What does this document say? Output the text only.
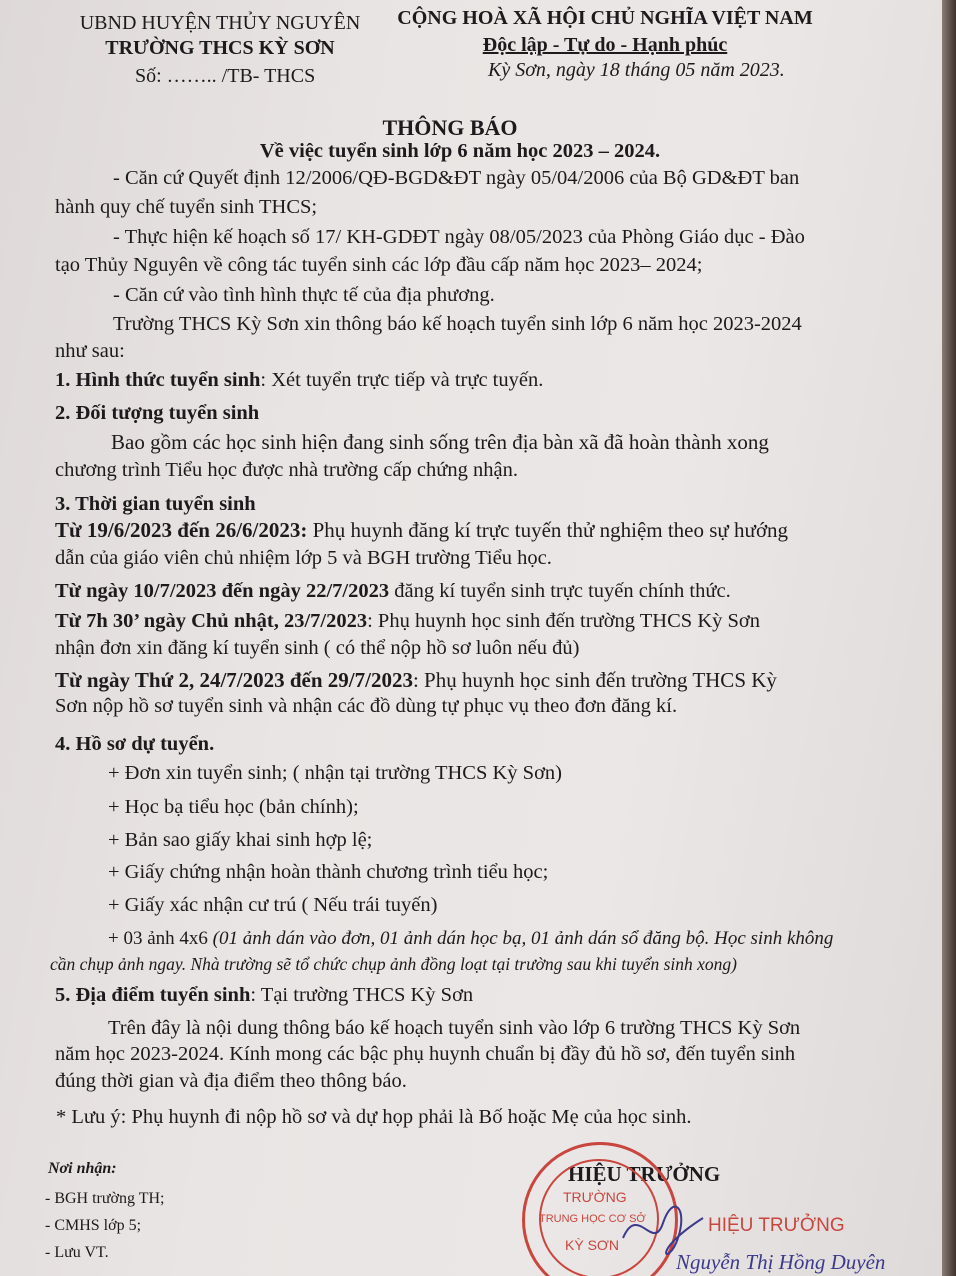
UBND HUYỆN THỦY NGUYÊN
TRƯỜNG THCS KỲ SƠN
Số: …….. /TB- THCS
CỘNG HOÀ XÃ HỘI CHỦ NGHĨA VIỆT NAM
Độc lập - Tự do - Hạnh phúc
Kỳ Sơn, ngày 18 tháng 05 năm 2023.
THÔNG BÁO
Về việc tuyển sinh lớp 6 năm học 2023 – 2024.
- Căn cứ Quyết định 12/2006/QĐ-BGD&ĐT ngày 05/04/2006 của Bộ GD&ĐT ban
hành quy chế tuyển sinh THCS;
- Thực hiện kế hoạch số 17/ KH-GDĐT ngày 08/05/2023 của Phòng Giáo dục - Đào
tạo Thủy Nguyên về công tác tuyển sinh các lớp đầu cấp năm học 2023– 2024;
- Căn cứ vào tình hình thực tế của địa phương.
Trường THCS Kỳ Sơn xin thông báo kế hoạch tuyển sinh lớp 6 năm học 2023-2024
như sau:
1. Hình thức tuyển sinh: Xét tuyển trực tiếp và trực tuyến.
2. Đối tượng tuyển sinh
Bao gồm các học sinh hiện đang sinh sống trên địa bàn xã đã hoàn thành xong
chương trình Tiểu học được nhà trường cấp chứng nhận.
3. Thời gian tuyển sinh
Từ 19/6/2023 đến 26/6/2023: Phụ huynh đăng kí trực tuyến thử nghiệm theo sự hướng
dẫn của giáo viên chủ nhiệm lớp 5 và BGH trường Tiểu học.
Từ ngày 10/7/2023 đến ngày 22/7/2023 đăng kí tuyển sinh trực tuyến chính thức.
Từ 7h 30’ ngày Chủ nhật, 23/7/2023: Phụ huynh học sinh đến trường THCS Kỳ Sơn
nhận đơn xin đăng kí tuyển sinh ( có thể nộp hồ sơ luôn nếu đủ)
Từ ngày Thứ 2, 24/7/2023 đến 29/7/2023: Phụ huynh học sinh đến trường THCS Kỳ
Sơn nộp hồ sơ tuyển sinh và nhận các đồ dùng tự phục vụ theo đơn đăng kí.
4. Hồ sơ dự tuyển.
+ Đơn xin tuyển sinh; ( nhận tại trường THCS Kỳ Sơn)
+ Học bạ tiểu học (bản chính);
+ Bản sao giấy khai sinh hợp lệ;
+ Giấy chứng nhận hoàn thành chương trình tiểu học;
+ Giấy xác nhận cư trú ( Nếu trái tuyến)
+ 03 ảnh 4x6 (01 ảnh dán vào đơn, 01 ảnh dán học bạ, 01 ảnh dán sổ đăng bộ. Học sinh không
cần chụp ảnh ngay. Nhà trường sẽ tổ chức chụp ảnh đồng loạt tại trường sau khi tuyển sinh xong)
5. Địa điểm tuyển sinh: Tại trường THCS Kỳ Sơn
Trên đây là nội dung thông báo kế hoạch tuyển sinh vào lớp 6 trường THCS Kỳ Sơn
năm học 2023-2024. Kính mong các bậc phụ huynh chuẩn bị đầy đủ hồ sơ, đến tuyển sinh
đúng thời gian và địa điểm theo thông báo.
* Lưu ý: Phụ huynh đi nộp hồ sơ và dự họp phải là Bố hoặc Mẹ của học sinh.
Nơi nhận:
- BGH trường TH;
- CMHS lớp 5;
- Lưu VT.
HIỆU TRƯỞNG
TRƯỜNG
TRUNG HỌC CƠ SỞ
KỲ SƠN
HIỆU TRƯỞNG
Nguyễn Thị Hồng Duyên
